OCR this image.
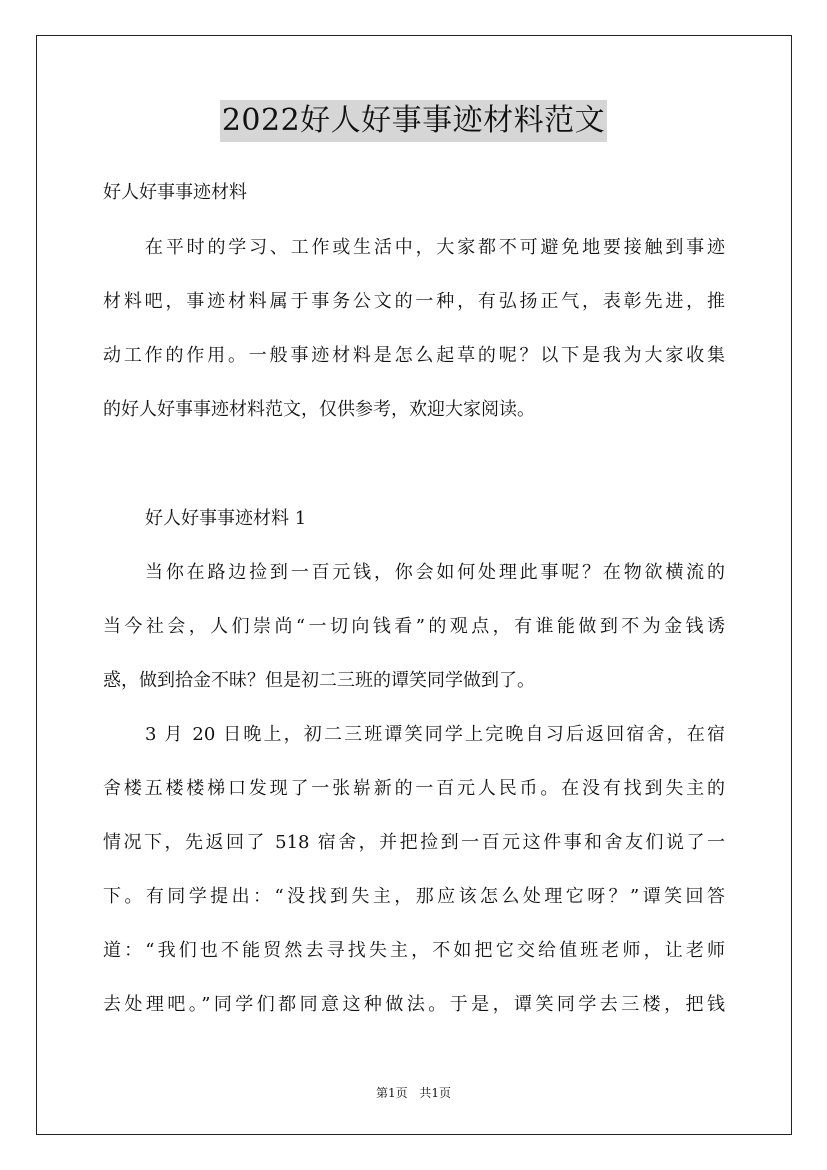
2022好人好事事迹材料范文
好人好事事迹材料
在平时的学习、工作或生活中，大家都不可避免地要接触到事迹
材料吧，事迹材料属于事务公文的一种，有弘扬正气，表彰先进，推
动工作的作用。一般事迹材料是怎么起草的呢？以下是我为大家收集
的好人好事事迹材料范文，仅供参考，欢迎大家阅读。
好人好事事迹材料 1
当你在路边捡到一百元钱，你会如何处理此事呢？在物欲横流的
当今社会，人们崇尚“一切向钱看”的观点，有谁能做到不为金钱诱
惑，做到拾金不昧？但是初二三班的谭笑同学做到了。
3 月 20 日晚上，初二三班谭笑同学上完晚自习后返回宿舍，在宿
舍楼五楼楼梯口发现了一张崭新的一百元人民币。在没有找到失主的
情况下，先返回了 518 宿舍，并把捡到一百元这件事和舍友们说了一
下。有同学提出：“没找到失主，那应该怎么处理它呀？”谭笑回答
道：“我们也不能贸然去寻找失主，不如把它交给值班老师，让老师
去处理吧。”同学们都同意这种做法。于是，谭笑同学去三楼，把钱
第1页 共1页
